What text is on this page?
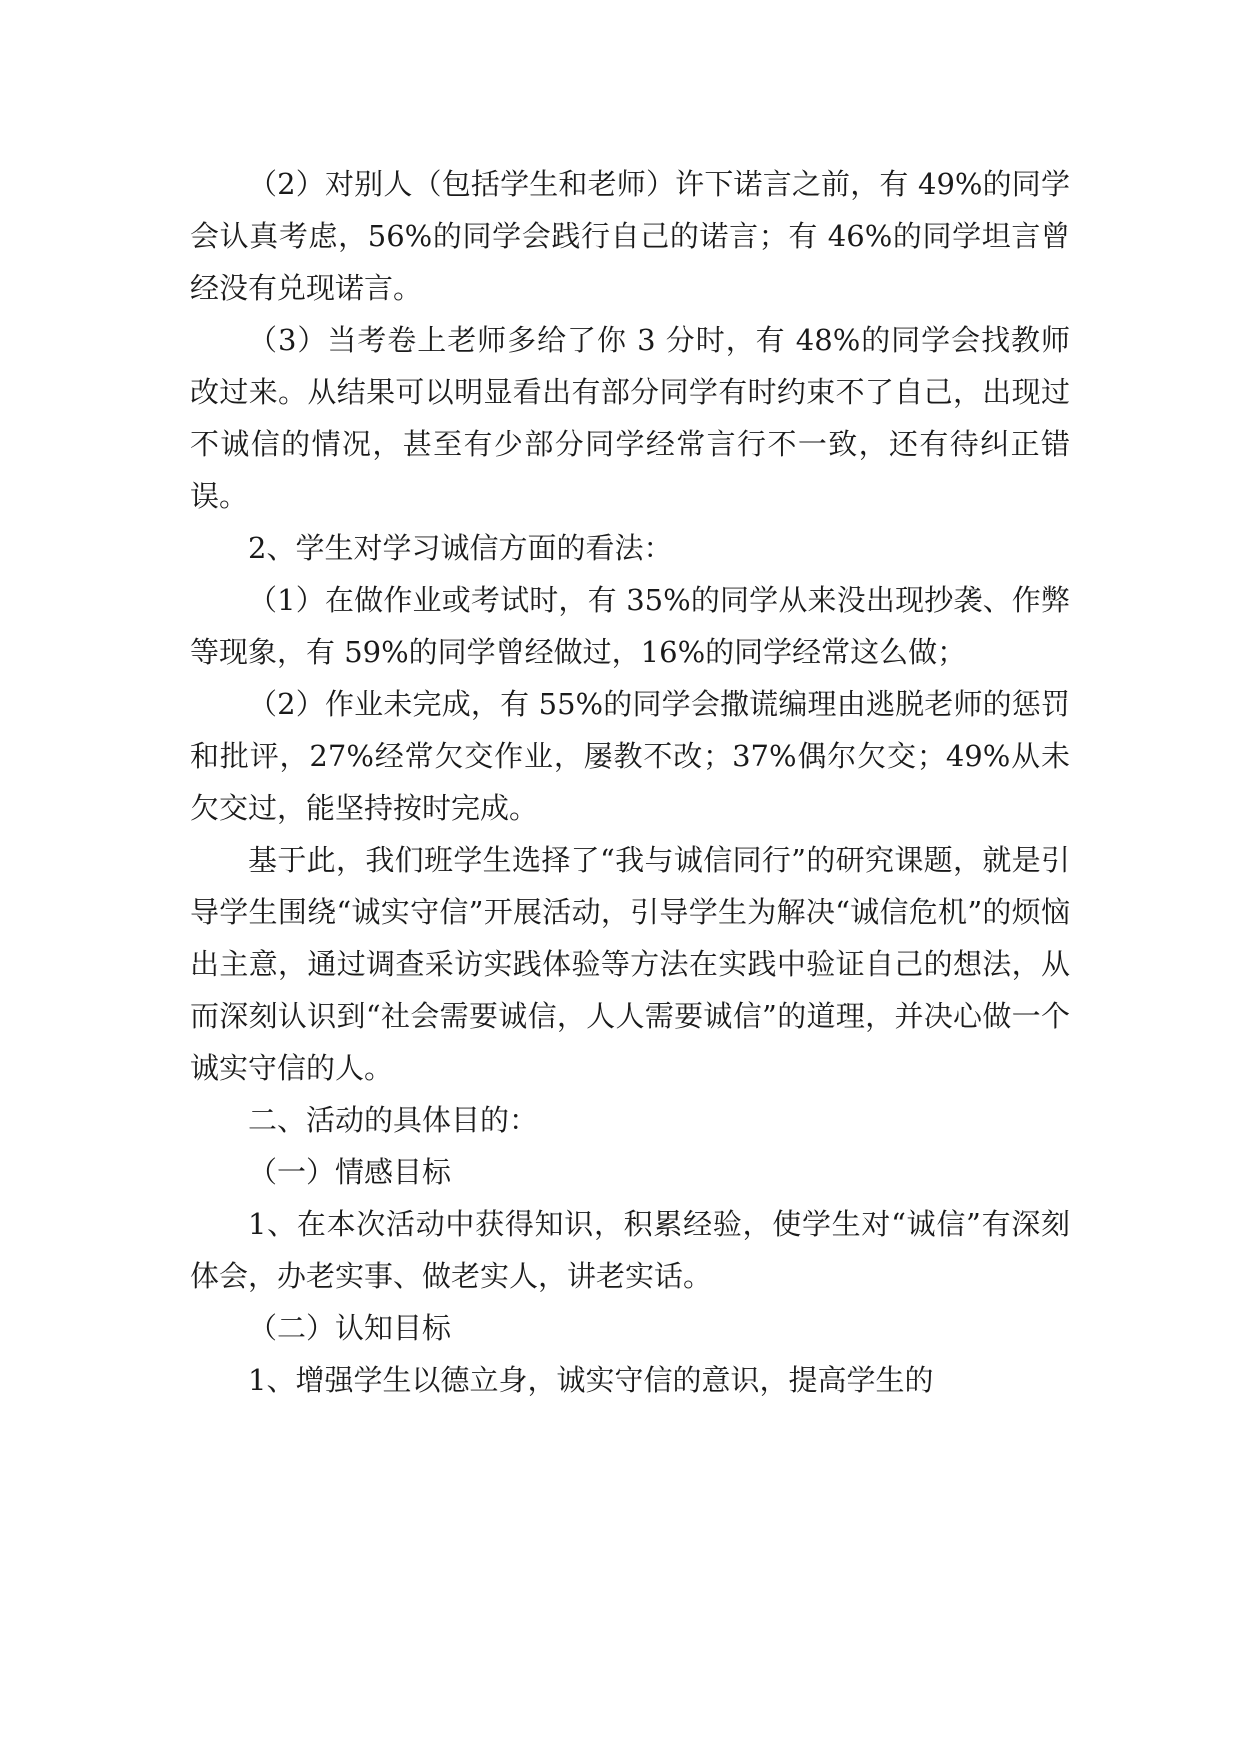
（2）对别人（包括学生和老师）许下诺言之前，有 49%的同学会认真考虑，56%的同学会践行自己的诺言；有 46%的同学坦言曾经没有兑现诺言。

（3）当考卷上老师多给了你 3 分时，有 48%的同学会找教师改过来。从结果可以明显看出有部分同学有时约束不了自己，出现过不诚信的情况，甚至有少部分同学经常言行不一致，还有待纠正错误。

2、学生对学习诚信方面的看法：

（1）在做作业或考试时，有 35%的同学从来没出现抄袭、作弊等现象，有 59%的同学曾经做过，16%的同学经常这么做；

（2）作业未完成，有 55%的同学会撒谎编理由逃脱老师的惩罚和批评，27%经常欠交作业，屡教不改；37%偶尔欠交；49%从未欠交过，能坚持按时完成。

基于此，我们班学生选择了“我与诚信同行”的研究课题，就是引导学生围绕“诚实守信”开展活动，引导学生为解决“诚信危机”的烦恼出主意，通过调查采访实践体验等方法在实践中验证自己的想法，从而深刻认识到“社会需要诚信，人人需要诚信”的道理，并决心做一个诚实守信的人。

二、活动的具体目的：

（一）情感目标

1、在本次活动中获得知识，积累经验，使学生对“诚信”有深刻体会，办老实事、做老实人，讲老实话。

（二）认知目标

1、增强学生以德立身，诚实守信的意识，提高学生的
